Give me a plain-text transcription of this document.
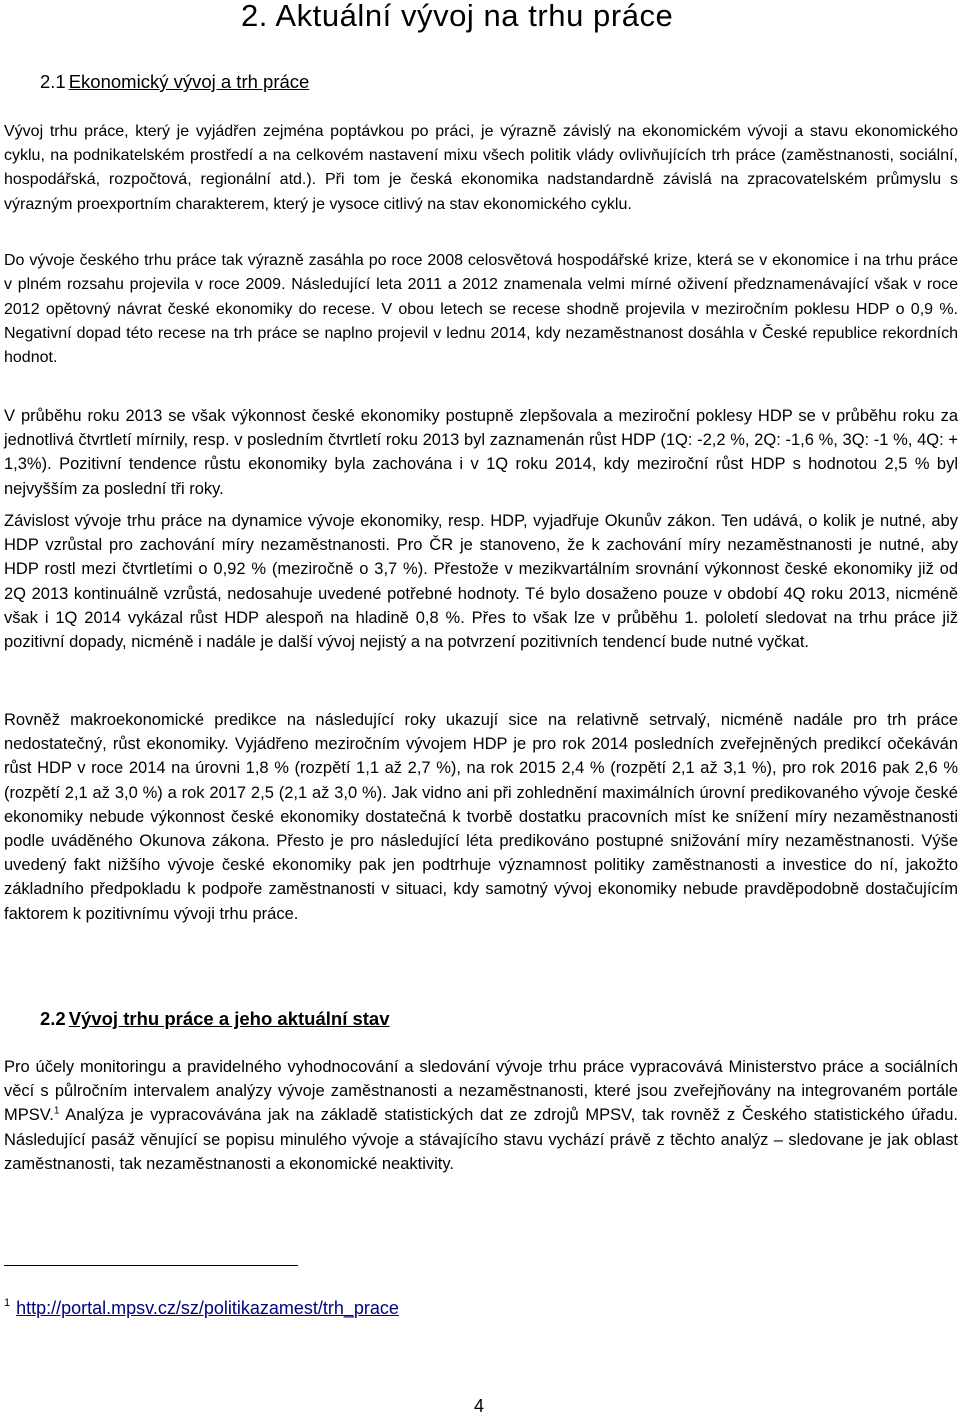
2. Aktuální vývoj na trhu práce
2.1 Ekonomický vývoj a trh práce

Vývoj trhu práce, který je vyjádřen zejména poptávkou po práci, je výrazně závislý na ekonomickém vývoji a stavu ekonomického cyklu, na podnikatelském prostředí a na celkovém nastavení mixu všech politik vlády ovlivňujících trh práce (zaměstnanosti, sociální, hospodářská, rozpočtová, regionální atd.). Při tom je česká ekonomika nadstandardně závislá na zpracovatelském průmyslu s výrazným proexportním charakterem, který je vysoce citlivý na stav ekonomického cyklu.

Do vývoje českého trhu práce tak výrazně zasáhla po roce 2008 celosvětová hospodářské krize, která se v ekonomice i na trhu práce v plném rozsahu projevila v roce 2009. Následující leta 2011 a 2012 znamenala velmi mírné oživení předznamenávající však v roce 2012 opětovný návrat české ekonomiky do recese. V obou letech se recese shodně projevila v meziročním poklesu HDP o 0,9 %. Negativní dopad této recese na trh práce se naplno projevil v lednu 2014, kdy nezaměstnanost dosáhla v České republice rekordních hodnot.

V průběhu roku 2013 se však výkonnost české ekonomiky postupně zlepšovala a meziroční poklesy HDP se v průběhu roku za jednotlivá čtvrtletí mírnily, resp. v posledním čtvrtletí roku 2013 byl zaznamenán růst HDP (1Q: -2,2 %, 2Q: -1,6 %, 3Q: -1 %, 4Q: + 1,3%). Pozitivní tendence růstu ekonomiky byla zachována i v 1Q roku 2014, kdy meziroční růst HDP s hodnotou 2,5 % byl nejvyšším za poslední tři roky.

Závislost vývoje trhu práce na dynamice vývoje ekonomiky, resp. HDP, vyjadřuje Okunův zákon. Ten udává, o kolik je nutné, aby HDP vzrůstal pro zachování míry nezaměstnanosti. Pro ČR je stanoveno, že k zachování míry nezaměstnanosti je nutné, aby HDP rostl mezi čtvrtletími o 0,92 % (meziročně o 3,7 %). Přestože v mezikvartálním srovnání výkonnost české ekonomiky již od 2Q 2013 kontinuálně vzrůstá, nedosahuje uvedené potřebné hodnoty. Té bylo dosaženo pouze v období 4Q roku 2013, nicméně však i 1Q 2014 vykázal růst HDP alespoň na hladině 0,8 %. Přes to však lze v průběhu 1. pololetí sledovat na trhu práce již pozitivní dopady, nicméně i nadále je další vývoj nejistý a na potvrzení pozitivních tendencí bude nutné vyčkat.

Rovněž makroekonomické predikce na následující roky ukazují sice na relativně setrvalý, nicméně nadále pro trh práce nedostatečný, růst ekonomiky. Vyjádřeno meziročním vývojem HDP je pro rok 2014 posledních zveřejněných predikcí očekáván růst HDP v roce 2014 na úrovni 1,8 % (rozpětí 1,1 až 2,7 %), na rok 2015 2,4 % (rozpětí 2,1 až 3,1 %), pro rok 2016 pak 2,6 % (rozpětí 2,1 až 3,0 %) a rok 2017 2,5 (2,1 až 3,0 %). Jak vidno ani při zohlednění maximálních úrovní predikovaného vývoje české ekonomiky nebude výkonnost české ekonomiky dostatečná k tvorbě dostatku pracovních míst ke snížení míry nezaměstnanosti podle uváděného Okunova zákona. Přesto je pro následující léta predikováno postupné snižování míry nezaměstnanosti. Výše uvedený fakt nižšího vývoje české ekonomiky pak jen podtrhuje významnost politiky zaměstnanosti a investice do ní, jakožto základního předpokladu k podpoře zaměstnanosti v situaci, kdy samotný vývoj ekonomiky nebude pravděpodobně dostačujícím faktorem k pozitivnímu vývoji trhu práce.

2.2 Vývoj trhu práce a jeho aktuální stav

Pro účely monitoringu a pravidelného vyhodnocování a sledování vývoje trhu práce vypracovává Ministerstvo práce a sociálních věcí s půlročním intervalem analýzy vývoje zaměstnanosti a nezaměstnanosti, které jsou zveřejňovány na integrovaném portále MPSV.$^1$ Analýza je vypracovávána jak na základě statistických dat ze zdrojů MPSV, tak rovněž z Českého statistického úřadu. Následující pasáž věnující se popisu minulého vývoje a stávajícího stavu vychází právě z těchto analýz – sledovane je jak oblast zaměstnanosti, tak nezaměstnanosti a ekonomické neaktivity.

$^1$ http://portal.mpsv.cz/sz/politikazamest/trh_prace

4
